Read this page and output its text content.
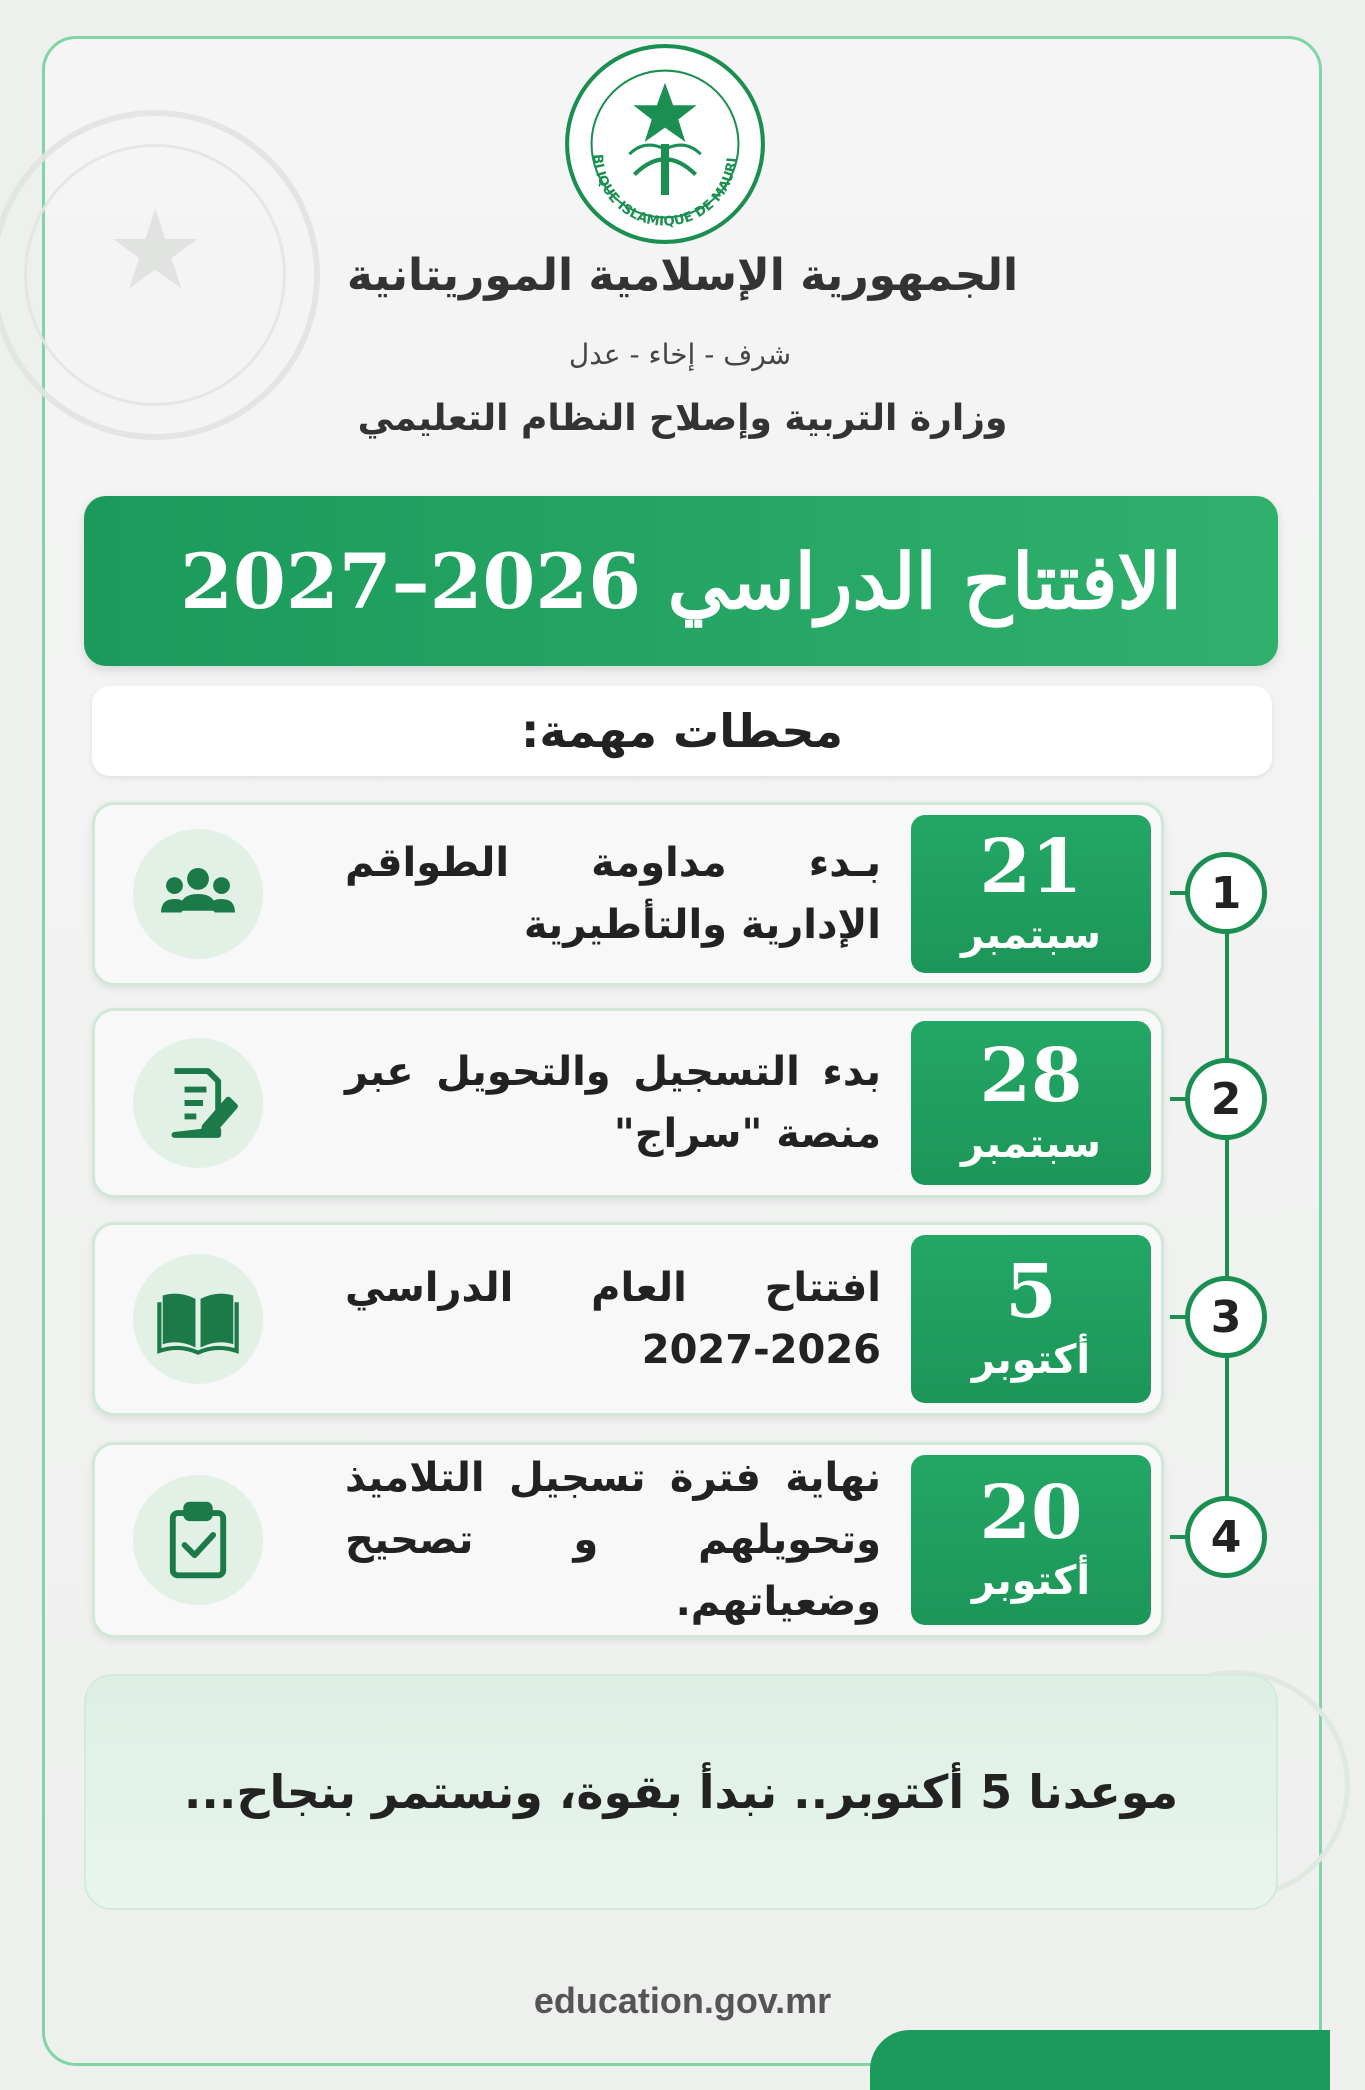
★
BLIQUE ISLAMIQUE DE MAURI
الجمهورية الإسلامية الموريتانية
شرف - إخاء - عدل
وزارة التربية وإصلاح النظام التعليمي
الافتتاح الدراسي 2026–2027
محطات مهمة:
1
21
سبتمبر
بـدء مداومة الطواقم الإدارية والتأطيرية
2
28
سبتمبر
بدء التسجيل والتحويل عبر منصة "سراج"
3
5
أكتوبر
افتتاح العام الدراسي 2026-2027
4
20
أكتوبر
نهاية فترة تسجيل التلاميذ وتحويلهم و تصحيح وضعياتهم.
موعدنا 5 أكتوبر.. نبدأ بقوة، ونستمر بنجاح...
education.gov.mr
